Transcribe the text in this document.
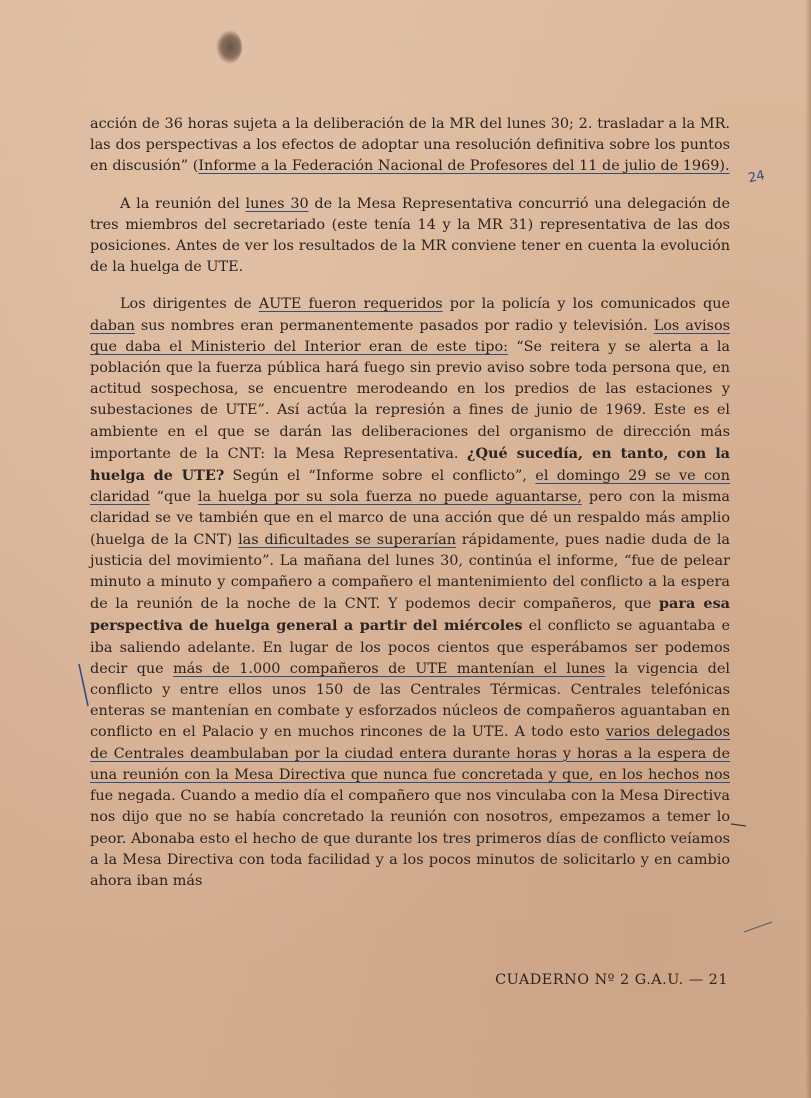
acción de 36 horas sujeta a la deliberación de la MR del lunes 30; 2. trasladar a la MR. las dos perspectivas a los efectos de adoptar una resolución definitiva sobre los puntos en discusión” (Informe a la Federación Nacional de Profesores del 11 de julio de 1969).

A la reunión del lunes 30 de la Mesa Representativa concurrió una delegación de tres miembros del secretariado (este tenía 14 y la MR 31) representativa de las dos posiciones. Antes de ver los resultados de la MR conviene tener en cuenta la evolución de la huelga de UTE.

Los dirigentes de AUTE fueron requeridos por la policía y los comunicados que daban sus nombres eran permanentemente pasados por radio y televisión. Los avisos que daba el Ministerio del Interior eran de este tipo: “Se reitera y se alerta a la población que la fuerza pública hará fuego sin previo aviso sobre toda persona que, en actitud sospechosa, se encuentre merodeando en los predios de las estaciones y subestaciones de UTE”. Así actúa la represión a fines de junio de 1969. Este es el ambiente en el que se darán las deliberaciones del organismo de dirección más importante de la CNT: la Mesa Representativa. ¿Qué sucedía, en tanto, con la huelga de UTE? Según el “Informe sobre el conflicto”, el domingo 29 se ve con claridad “que la huelga por su sola fuerza no puede aguantarse, pero con la misma claridad se ve también que en el marco de una acción que dé un respaldo más amplio (huelga de la CNT) las dificultades se superarían rápidamente, pues nadie duda de la justicia del movimiento”. La mañana del lunes 30, continúa el informe, “fue de pelear minuto a minuto y compañero a compañero el mantenimiento del conflicto a la espera de la reunión de la noche de la CNT. Y podemos decir compañeros, que para esa perspectiva de huelga general a partir del miércoles el conflicto se aguantaba e iba saliendo adelante. En lugar de los pocos cientos que esperábamos ser podemos decir que más de 1.000 compañeros de UTE mantenían el lunes la vigencia del conflicto y entre ellos unos 150 de las Centrales Térmicas. Centrales telefónicas enteras se mantenían en combate y esforzados núcleos de compañeros aguantaban en conflicto en el Palacio y en muchos rincones de la UTE. A todo esto varios delegados de Centrales deambulaban por la ciudad entera durante horas y horas a la espera de una reunión con la Mesa Directiva que nunca fue concretada y que, en los hechos nos fue negada. Cuando a medio día el compañero que nos vinculaba con la Mesa Directiva nos dijo que no se había concretado la reunión con nosotros, empezamos a temer lo peor. Abonaba esto el hecho de que durante los tres primeros días de conflicto veíamos a la Mesa Directiva con toda facilidad y a los pocos minutos de solicitarlo y en cambio ahora iban más

CUADERNO Nº 2 G.A.U. — 21
24
